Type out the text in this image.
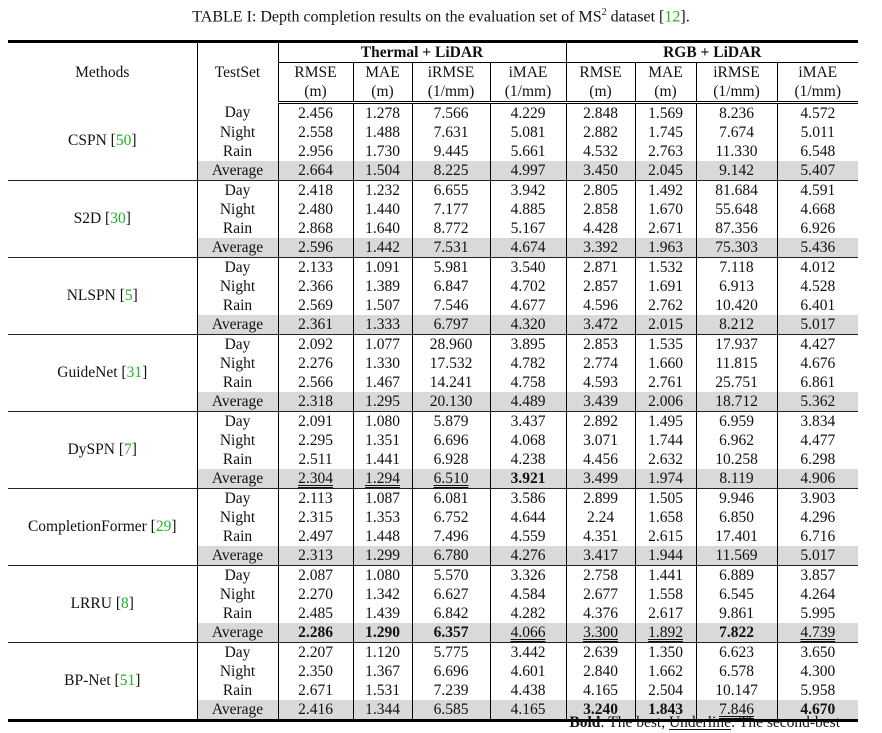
TABLE I: Depth completion results on the evaluation set of $MS^2$ dataset [12].
Methods	TestSet	Thermal + LiDAR				RGB + LiDAR			
		RMSE	MAE	iRMSE	iMAE	RMSE	MAE	iRMSE	iMAE
		(m)	(m)	(1/mm)	(1/mm)	(m)	(m)	(1/mm)	(1/mm)
CSPN [50]	Day	2.456	1.278	7.566	4.229	2.848	1.569	8.236	4.572
	Night	2.558	1.488	7.631	5.081	2.882	1.745	7.674	5.011
	Rain	2.956	1.730	9.445	5.661	4.532	2.763	11.330	6.548
	Average	2.664	1.504	8.225	4.997	3.450	2.045	9.142	5.407
S2D [30]	Day	2.418	1.232	6.655	3.942	2.805	1.492	81.684	4.591
	Night	2.480	1.440	7.177	4.885	2.858	1.670	55.648	4.668
	Rain	2.868	1.640	8.772	5.167	4.428	2.671	87.356	6.926
	Average	2.596	1.442	7.531	4.674	3.392	1.963	75.303	5.436
NLSPN [5]	Day	2.133	1.091	5.981	3.540	2.871	1.532	7.118	4.012
	Night	2.366	1.389	6.847	4.702	2.857	1.691	6.913	4.528
	Rain	2.569	1.507	7.546	4.677	4.596	2.762	10.420	6.401
	Average	2.361	1.333	6.797	4.320	3.472	2.015	8.212	5.017
GuideNet [31]	Day	2.092	1.077	28.960	3.895	2.853	1.535	17.937	4.427
	Night	2.276	1.330	17.532	4.782	2.774	1.660	11.815	4.676
	Rain	2.566	1.467	14.241	4.758	4.593	2.761	25.751	6.861
	Average	2.318	1.295	20.130	4.489	3.439	2.006	18.712	5.362
DySPN [7]	Day	2.091	1.080	5.879	3.437	2.892	1.495	6.959	3.834
	Night	2.295	1.351	6.696	4.068	3.071	1.744	6.962	4.477
	Rain	2.511	1.441	6.928	4.238	4.456	2.632	10.258	6.298
	Average	2.304	1.294	6.510	3.921	3.499	1.974	8.119	4.906
CompletionFormer [29]	Day	2.113	1.087	6.081	3.586	2.899	1.505	9.946	3.903
	Night	2.315	1.353	6.752	4.644	2.24	1.658	6.850	4.296
	Rain	2.497	1.448	7.496	4.559	4.351	2.615	17.401	6.716
	Average	2.313	1.299	6.780	4.276	3.417	1.944	11.569	5.017
LRRU [8]	Day	2.087	1.080	5.570	3.326	2.758	1.441	6.889	3.857
	Night	2.270	1.342	6.627	4.584	2.677	1.558	6.545	4.264
	Rain	2.485	1.439	6.842	4.282	4.376	2.617	9.861	5.995
	Average	2.286	1.290	6.357	4.066	3.300	1.892	7.822	4.739
BP-Net [51]	Day	2.207	1.120	5.775	3.442	2.639	1.350	6.623	3.650
	Night	2.350	1.367	6.696	4.601	2.840	1.662	6.578	4.300
	Rain	2.671	1.531	7.239	4.438	4.165	2.504	10.147	5.958
	Average	2.416	1.344	6.585	4.165	3.240	1.843	7.846	4.670
Bold: The best, Underline: The second-best
